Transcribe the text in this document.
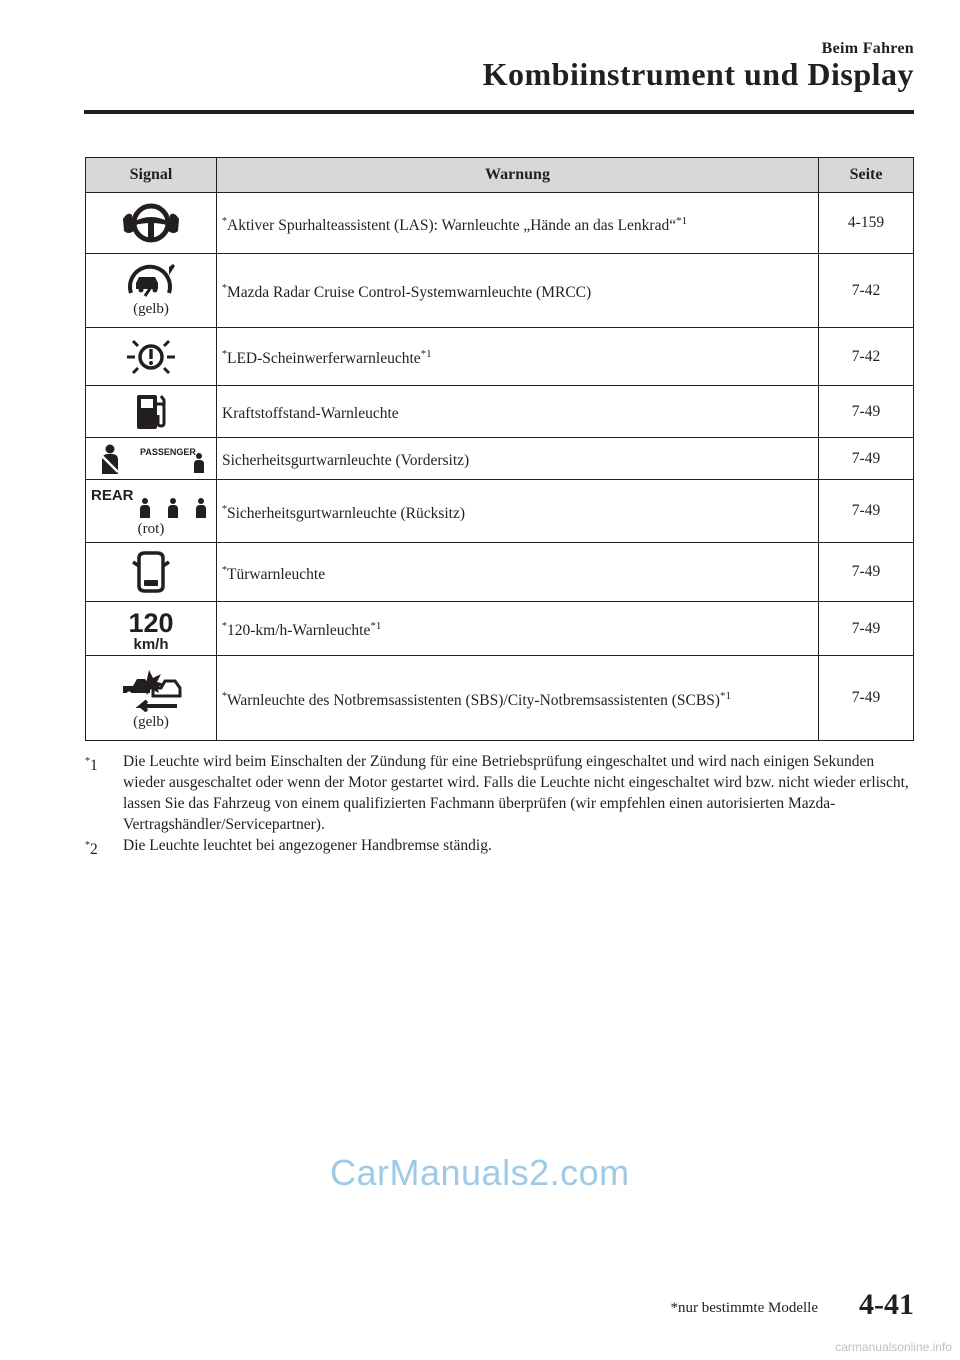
Beim Fahren
Kombiinstrument und Display
Signal	Warnung	Seite

	*Aktiver Spurhalteassistent (LAS): Warnleuchte „Hände an das Lenkrad“$^{*1}$	4-159

(gelb)	*Mazda Radar Cruise Control-Systemwarnleuchte (MRCC)	7-42

	*LED-Scheinwerferwarnleuchte$^{*1}$	7-42

	Kraftstoffstand-Warnleuchte	7-49

PASSENGER	Sicherheitsgurtwarnleuchte (Vordersitz)	7-49

REAR
(rot)	*Sicherheitsgurtwarnleuchte (Rücksitz)	7-49

	*Türwarnleuchte	7-49

120
km/h	*120-km/h-Warnleuchte$^{*1}$	7-49

(gelb)	*Warnleuchte des Notbremsassistenten (SBS)/City-Notbremsassistenten (SCBS)$^{*1}$	7-49
*1	Die Leuchte wird beim Einschalten der Zündung für eine Betriebsprüfung eingeschaltet und wird nach einigen Sekunden wieder ausgeschaltet oder wenn der Motor gestartet wird. Falls die Leuchte nicht eingeschaltet wird bzw. nicht wieder erlischt, lassen Sie das Fahrzeug von einem qualifizierten Fachmann überprüfen (wir empfehlen einen autorisierten Mazda-Vertragshändler/Servicepartner).
*2	Die Leuchte leuchtet bei angezogener Handbremse ständig.
CarManuals2.com
*nur bestimmte Modelle 4-41
carmanualsonline.info
